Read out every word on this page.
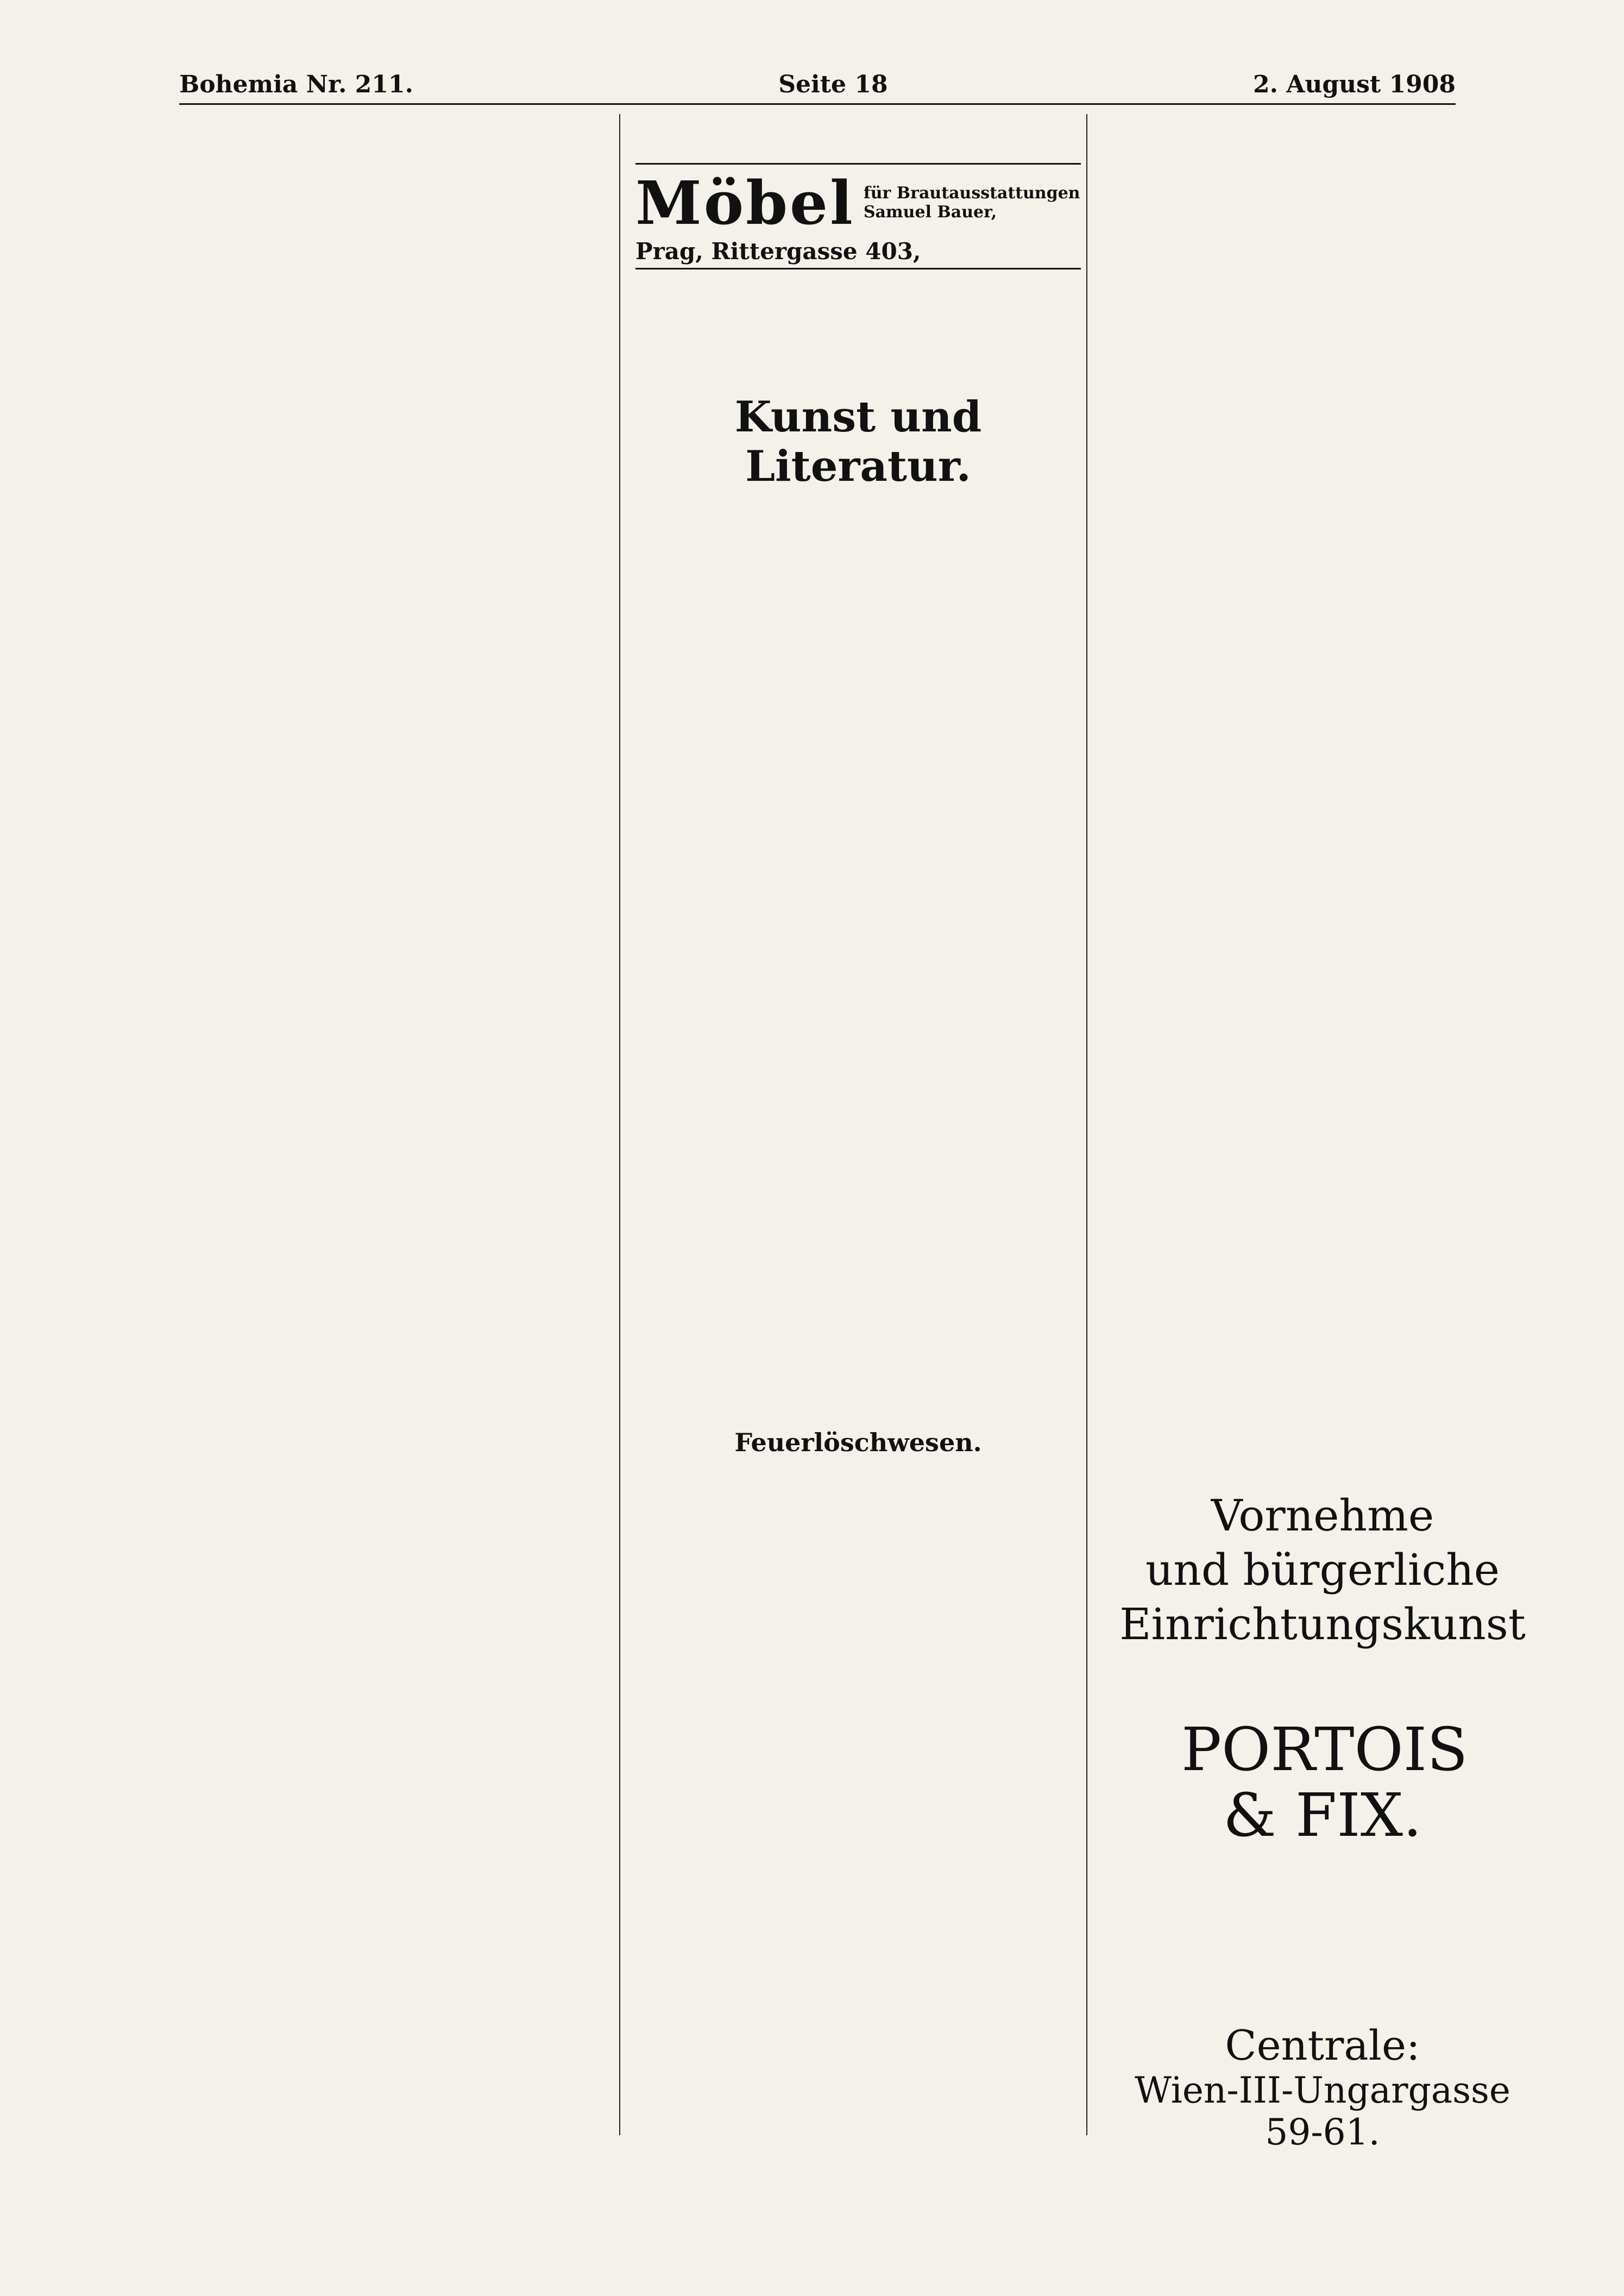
Bohemia Nr. 211.	Seite 18	2. August 1908
Kunst und Literatur.
Feuerlöschwesen.
Möbel für Brautausstattungen
Samuel Bauer,
Prag, Rittergasse 403,
Vornehme
und bürgerliche
Einrichtungskunst
PORTOIS
& FIX.
Centrale:
Wien-III-Ungargasse 59-61.
